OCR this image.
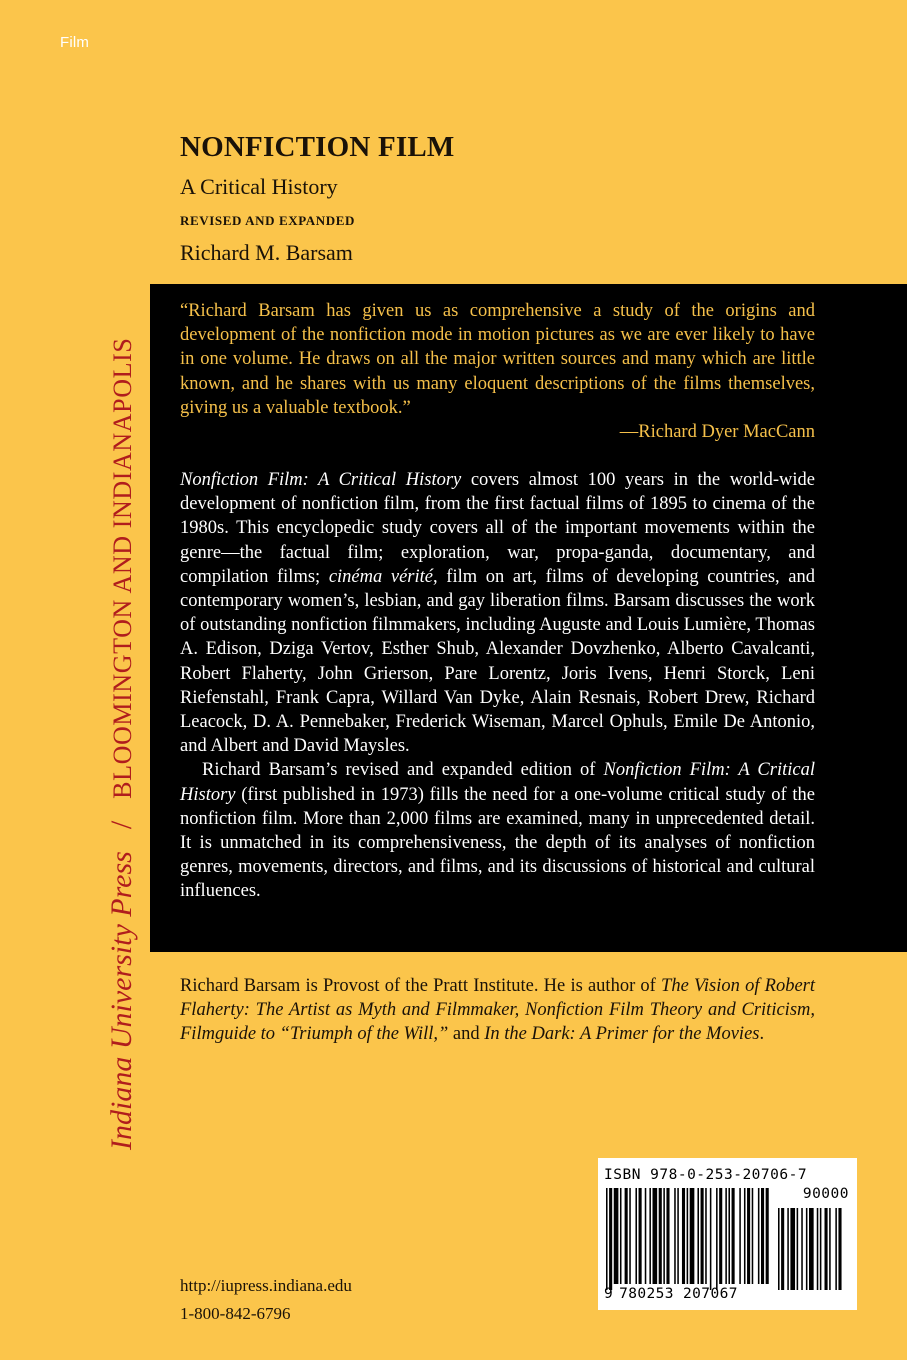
Film
Indiana University Press/BLOOMINGTON AND INDIANAPOLIS
NONFICTION FILM
A Critical History
REVISED AND EXPANDED
Richard M. Barsam

“Richard Barsam has given us as comprehensive a study of the origins and development of the nonfiction mode in motion pictures as we are ever likely to have in one volume. He draws on all the major written sources and many which are little known, and he shares with us many eloquent descriptions of the films themselves, giving us a valuable textbook.”

—Richard Dyer MacCann

Nonfiction Film: A Critical History covers almost 100 years in the world-wide development of nonfiction film, from the first factual films of 1895 to cinema of the 1980s. This encyclopedic study covers all of the important movements within the genre—the factual film; exploration, war, propa-ganda, documentary, and compilation films; cinéma vérité, film on art, films of developing countries, and contemporary women’s, lesbian, and gay liberation films. Barsam discusses the work of outstanding nonfiction filmmakers, including Auguste and Louis Lumière, Thomas A. Edison, Dziga Vertov, Esther Shub, Alexander Dovzhenko, Alberto Cavalcanti, Robert Flaherty, John Grierson, Pare Lorentz, Joris Ivens, Henri Storck, Leni Riefenstahl, Frank Capra, Willard Van Dyke, Alain Resnais, Robert Drew, Richard Leacock, D. A. Pennebaker, Frederick Wiseman, Marcel Ophuls, Emile De Antonio, and Albert and David Maysles.

Richard Barsam’s revised and expanded edition of Nonfiction Film: A Critical History (first published in 1973) fills the need for a one-volume critical study of the nonfiction film. More than 2,000 films are examined, many in unprecedented detail. It is unmatched in its comprehensiveness, the depth of its analyses of nonfiction genres, movements, directors, and films, and its discussions of historical and cultural influences.

Richard Barsam is Provost of the Pratt Institute. He is author of The Vision of Robert Flaherty: The Artist as Myth and Filmmaker, Nonfiction Film Theory and Criticism, Filmguide to “Triumph of the Will,” and In the Dark: A Primer for the Movies.

http://iupress.indiana.edu
1-800-842-6796
ISBN 978-0-253-20706-7
90000
9 780253 207067
